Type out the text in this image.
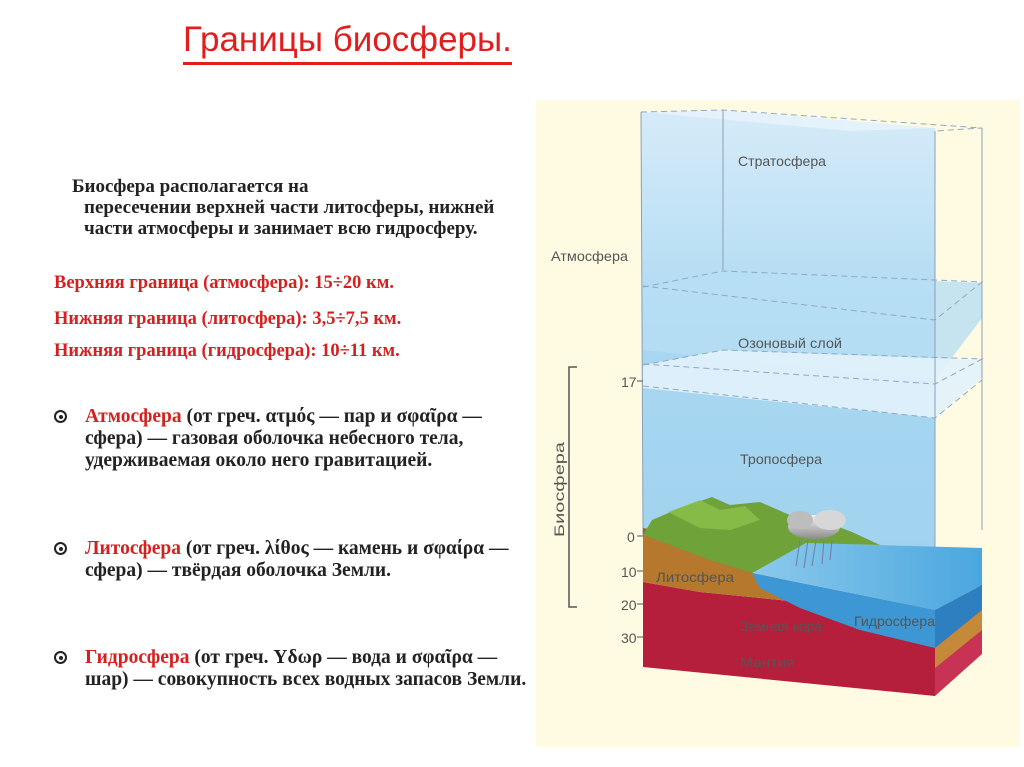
Границы биосферы.
Биосфера располагается на
пересечении верхней части литосферы, нижней части атмосферы и занимает всю гидросферу.
Верхняя граница (атмосфера): 15÷20 км.
Нижняя граница (литосфера): 3,5÷7,5 км.
Нижняя граница (гидросфера): 10÷11 км.
Атмосфера (от греч. ατμός — пар и σφαῖρα — сфера) — газовая оболочка небесного тела, удерживаемая около него гравитацией.
Литосфера (от греч. λίθος — камень и σφαίρα — сфера) — твёрдая оболочка Земли.
Гидросфера (от греч. Yδωρ — вода и σφαῖρα — шар) — совокупность всех водных запасов Земли.
Стратосфера
Атмосфера
Озоновый слой
Тропосфера
Биосфера
Литосфера
Земная кора Гидросфера
Мантия
17
0
10
20
30
